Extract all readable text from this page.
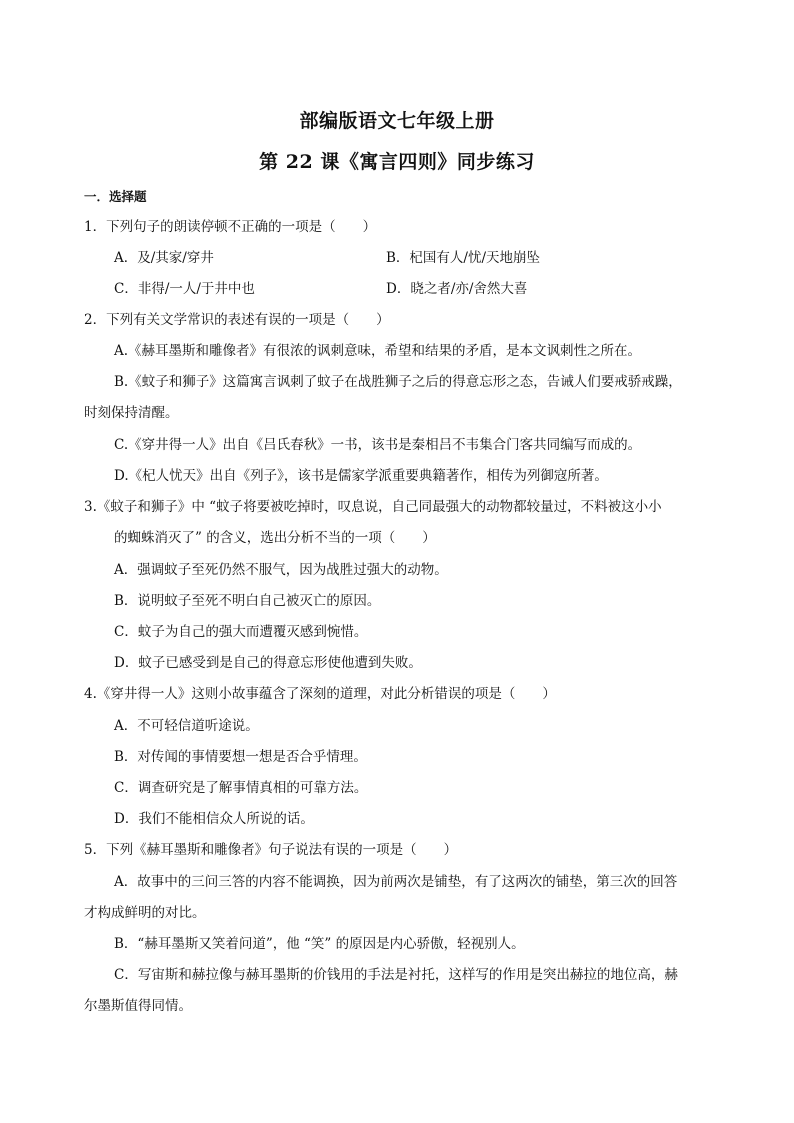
部编版语文七年级上册
第 22 课《寓言四则》同步练习
一．选择题
1．下列句子的朗读停顿不正确的一项是（　　）
A．及/其家/穿井	B．杞国有人/忧/天地崩坠
C．非得/一人/于井中也	D．晓之者/亦/舍然大喜
2．下列有关文学常识的表述有误的一项是（　　）
A.《赫耳墨斯和雕像者》有很浓的讽刺意味，希望和结果的矛盾，是本文讽刺性之所在。
B.《蚊子和狮子》这篇寓言讽刺了蚊子在战胜狮子之后的得意忘形之态，告诫人们要戒骄戒躁，
时刻保持清醒。
C.《穿井得一人》出自《吕氏春秋》一书，该书是秦相吕不韦集合门客共同编写而成的。
D.《杞人忧天》出自《列子》，该书是儒家学派重要典籍著作，相传为列御寇所著。
3.《蚊子和狮子》中 “蚊子将要被吃掉时，叹息说，自己同最强大的动物都较量过，不料被这小小
的蜘蛛消灭了” 的含义，选出分析不当的一项（　　）
A．强调蚊子至死仍然不服气，因为战胜过强大的动物。
B．说明蚊子至死不明白自己被灭亡的原因。
C．蚊子为自己的强大而遭覆灭感到惋惜。
D．蚊子已感受到是自己的得意忘形使他遭到失败。
4.《穿井得一人》这则小故事蕴含了深刻的道理，对此分析错误的项是（　　）
A．不可轻信道听途说。
B．对传闻的事情要想一想是否合乎情理。
C．调查研究是了解事情真相的可靠方法。
D．我们不能相信众人所说的话。
5．下列《赫耳墨斯和雕像者》句子说法有误的一项是（　　）
A．故事中的三问三答的内容不能调换，因为前两次是铺垫，有了这两次的铺垫，第三次的回答
才构成鲜明的对比。
B．“赫耳墨斯又笑着问道”，他 “笑” 的原因是内心骄傲，轻视别人。
C．写宙斯和赫拉像与赫耳墨斯的价钱用的手法是衬托，这样写的作用是突出赫拉的地位高，赫
尔墨斯值得同情。
